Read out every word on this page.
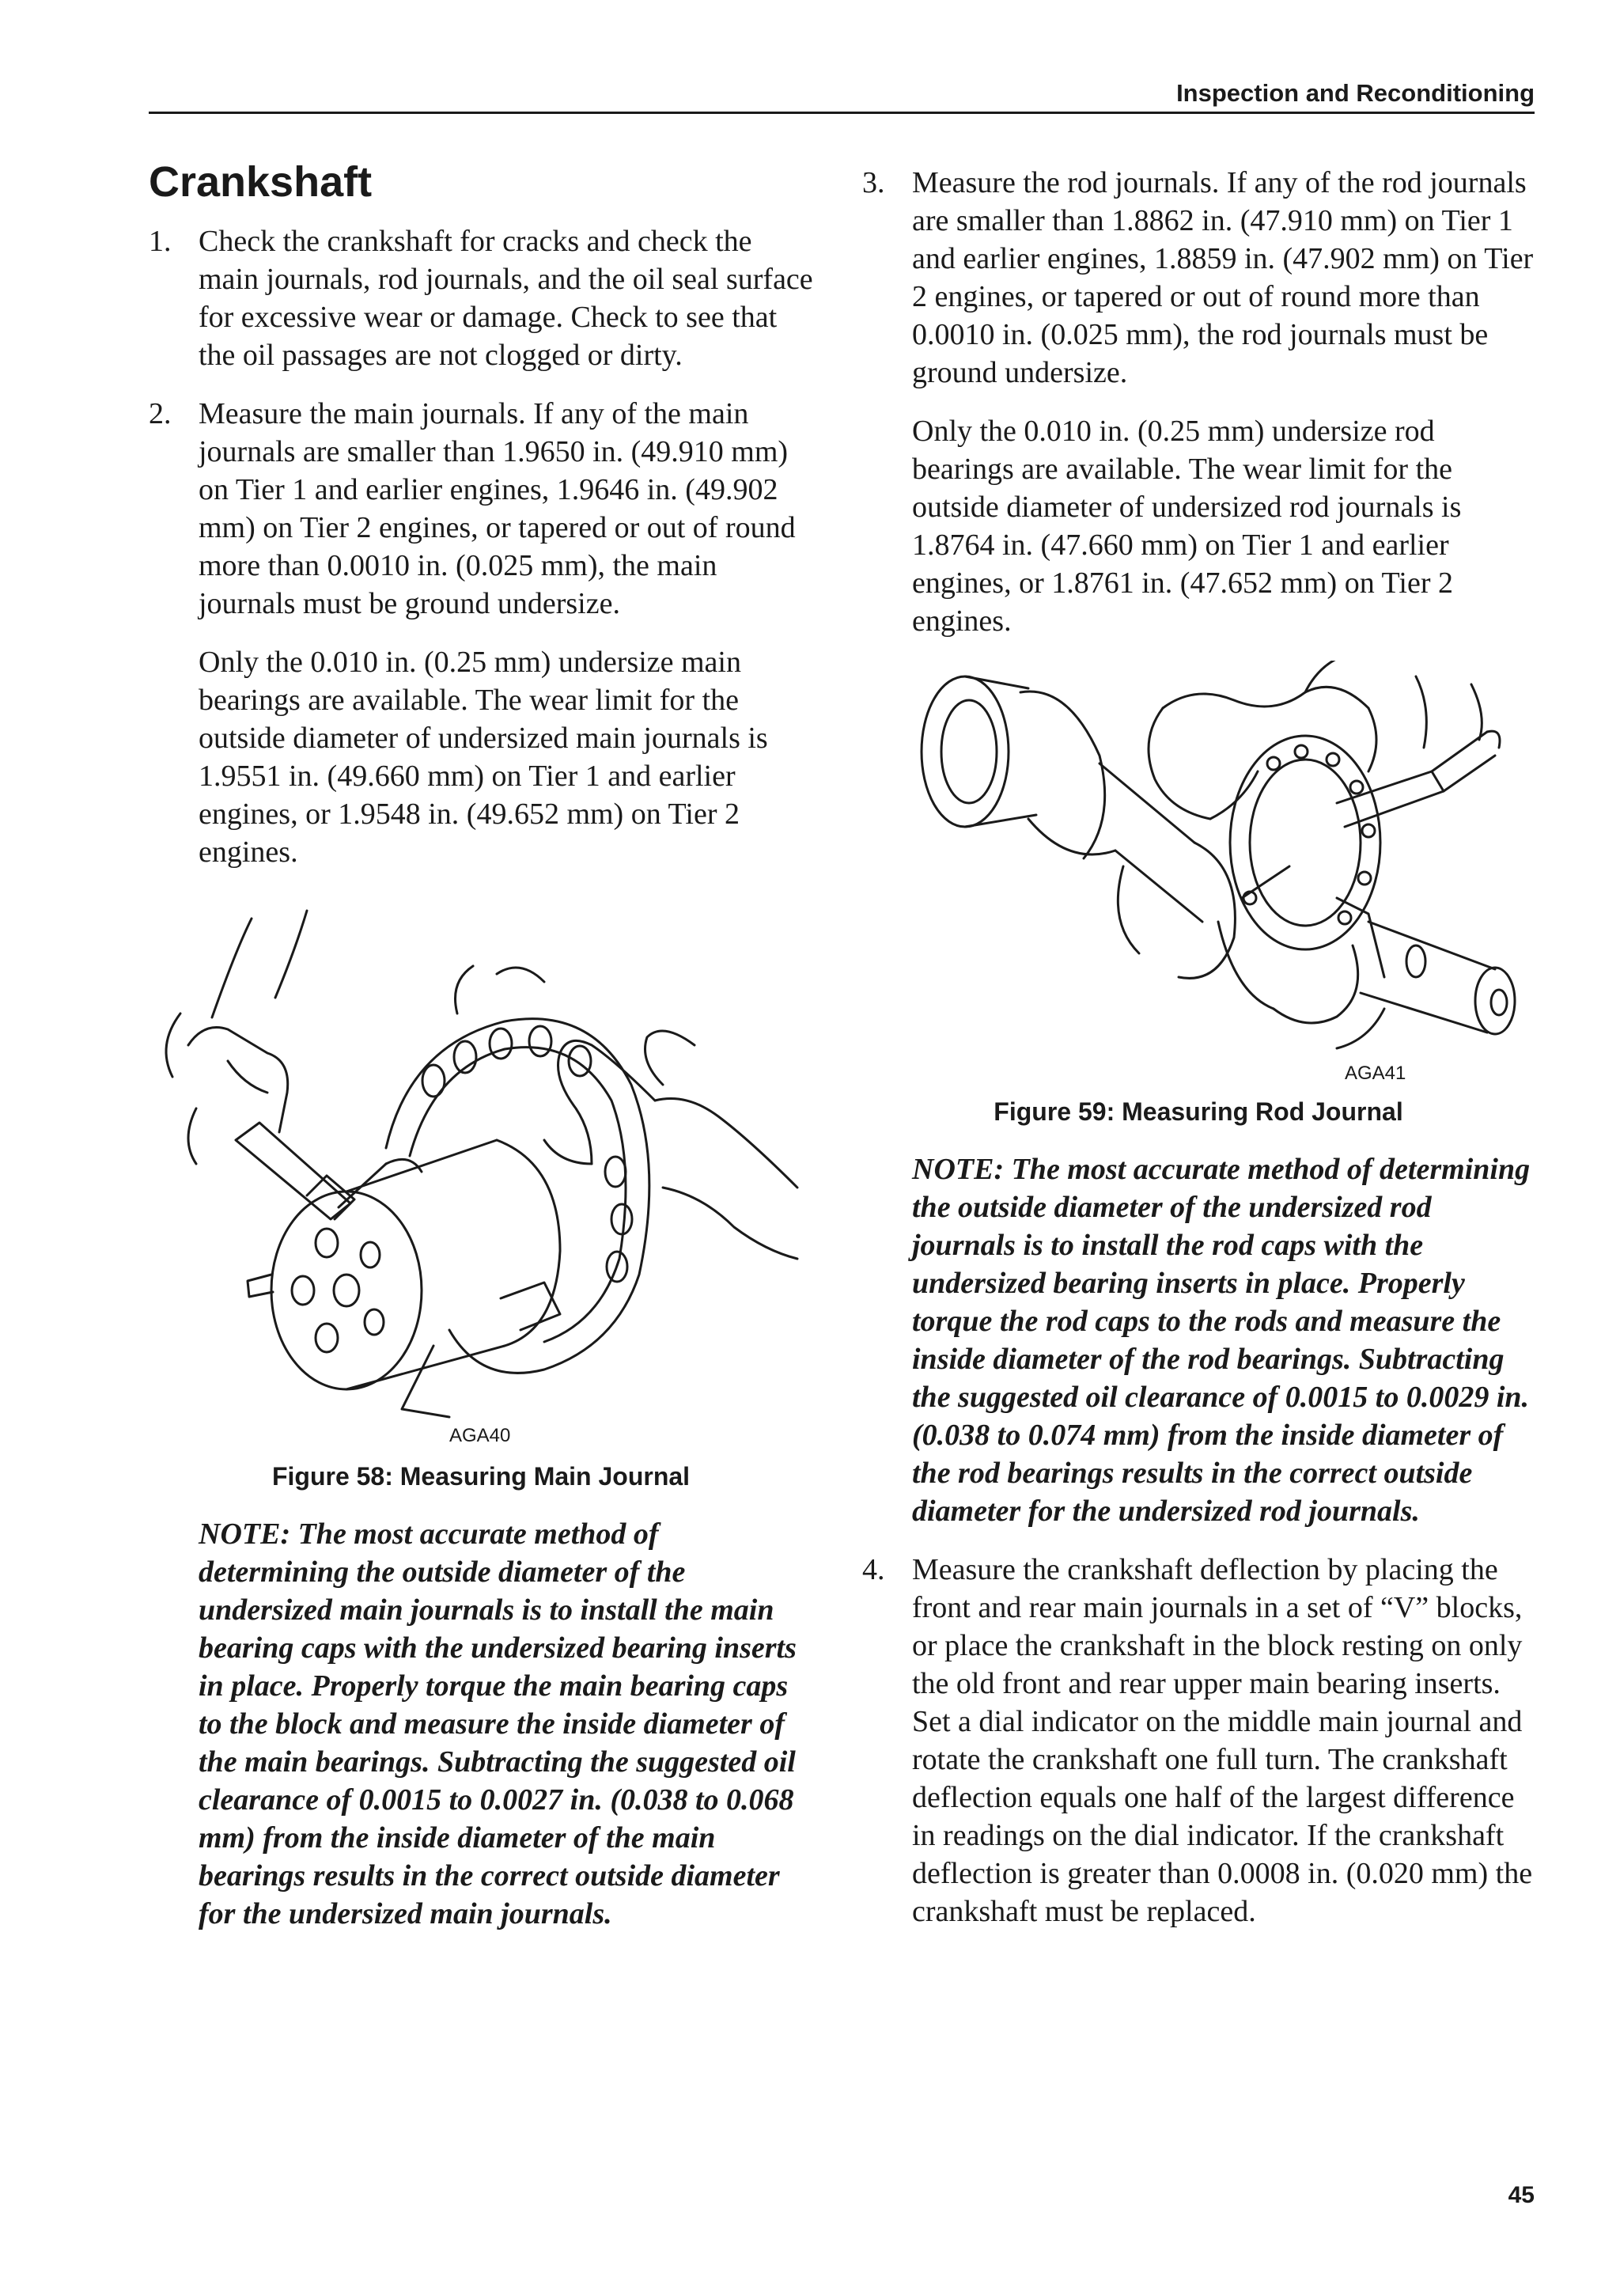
Inspection and Reconditioning
Crankshaft
1. Check the crankshaft for cracks and check the main journals, rod journals, and the oil seal surface for excessive wear or damage. Check to see that the oil passages are not clogged or dirty.
2. Measure the main journals. If any of the main journals are smaller than 1.9650 in. (49.910 mm) on Tier 1 and earlier engines, 1.9646 in. (49.902 mm) on Tier 2 engines, or tapered or out of round more than 0.0010 in. (0.025 mm), the main journals must be ground undersize.

Only the 0.010 in. (0.25 mm) undersize main bearings are available. The wear limit for the outside diameter of undersized main journals is 1.9551 in. (49.660 mm) on Tier 1 and earlier engines, or 1.9548 in. (49.652 mm) on Tier 2 engines.

AGA40
Figure 58: Measuring Main Journal

NOTE: The most accurate method of determining the outside diameter of the undersized main journals is to install the main bearing caps with the undersized bearing inserts in place. Properly torque the main bearing caps to the block and measure the inside diameter of the main bearings. Subtracting the suggested oil clearance of 0.0015 to 0.0027 in. (0.038 to 0.068 mm) from the inside diameter of the main bearings results in the correct outside diameter for the undersized main journals.

3. Measure the rod journals. If any of the rod journals are smaller than 1.8862 in. (47.910 mm) on Tier 1 and earlier engines, 1.8859 in. (47.902 mm) on Tier 2 engines, or tapered or out of round more than 0.0010 in. (0.025 mm), the rod journals must be ground undersize.

Only the 0.010 in. (0.25 mm) undersize rod bearings are available. The wear limit for the outside diameter of undersized rod journals is 1.8764 in. (47.660 mm) on Tier 1 and earlier engines, or 1.8761 in. (47.652 mm) on Tier 2 engines.

AGA41
Figure 59: Measuring Rod Journal

NOTE: The most accurate method of determining the outside diameter of the undersized rod journals is to install the rod caps with the undersized bearing inserts in place. Properly torque the rod caps to the rods and measure the inside diameter of the rod bearings. Subtracting the suggested oil clearance of 0.0015 to 0.0029 in. (0.038 to 0.074 mm) from the inside diameter of the rod bearings results in the correct outside diameter for the undersized rod journals.

4. Measure the crankshaft deflection by placing the front and rear main journals in a set of “V” blocks, or place the crankshaft in the block resting on only the old front and rear upper main bearing inserts. Set a dial indicator on the middle main journal and rotate the crankshaft one full turn. The crankshaft deflection equals one half of the largest difference in readings on the dial indicator. If the crankshaft deflection is greater than 0.0008 in. (0.020 mm) the crankshaft must be replaced.
45
